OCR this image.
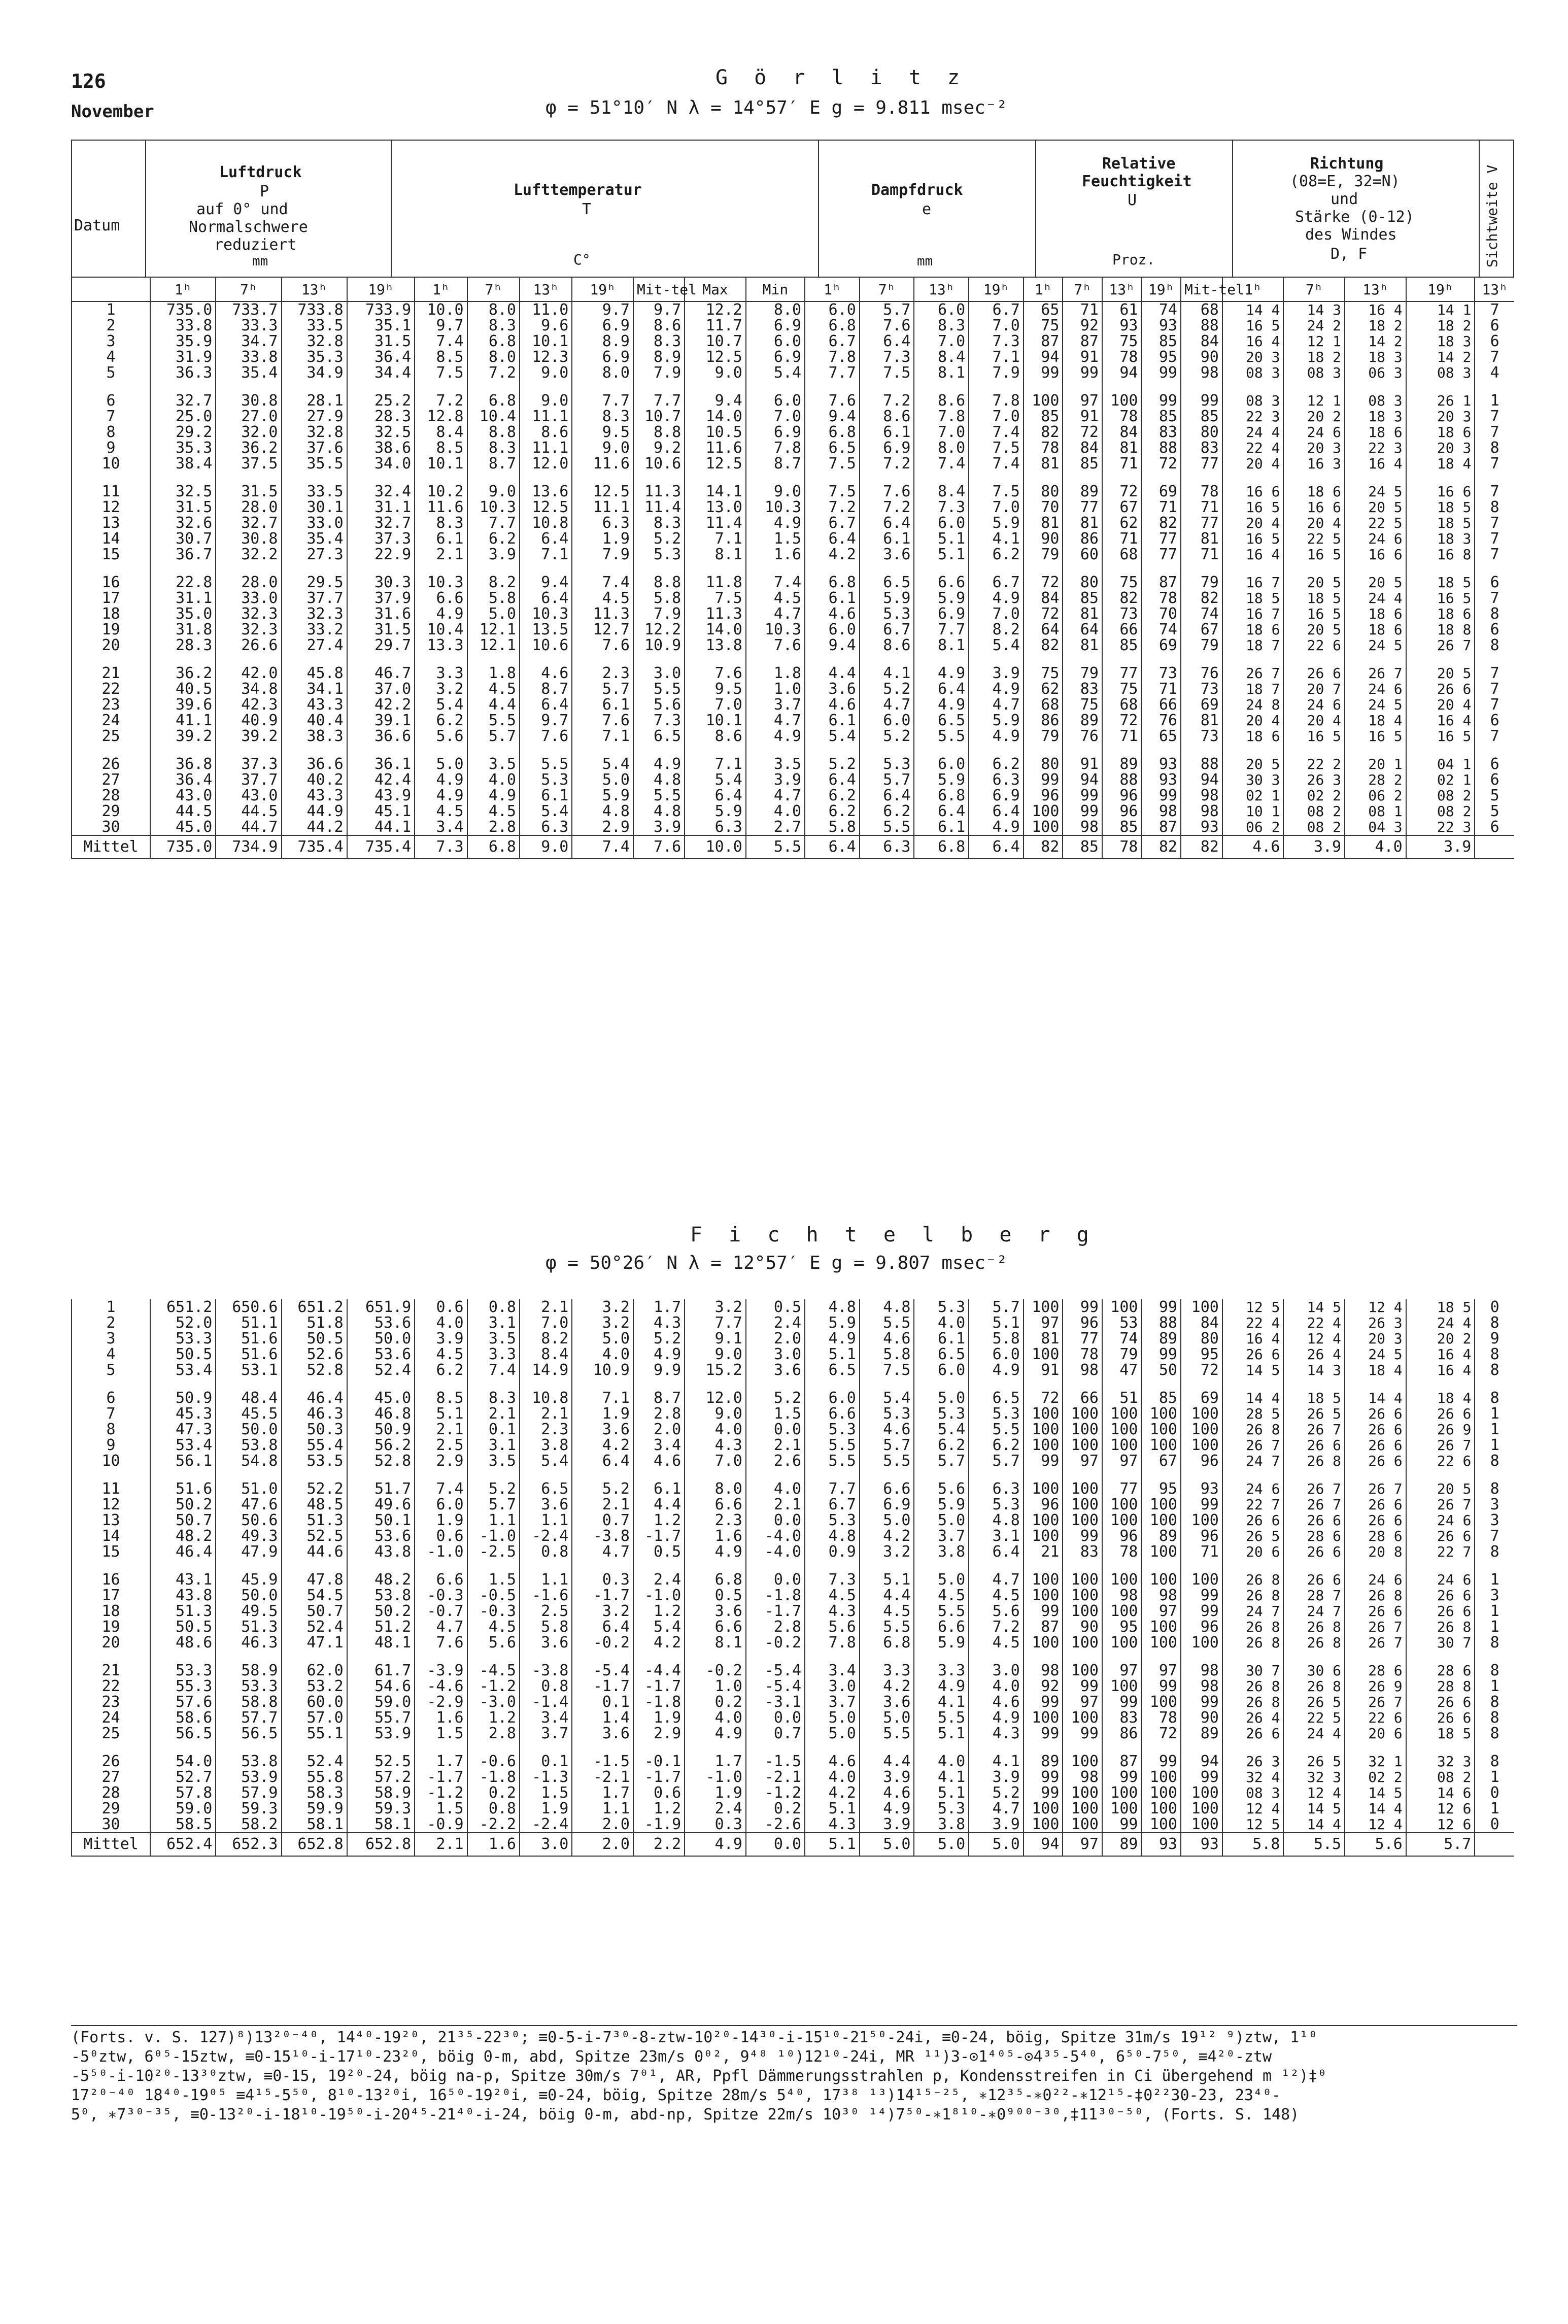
126
November
G ö r l i t z
φ = 51°10′ N λ = 14°57′ E g = 9.811 msec⁻²
Datum
Luftdruck
P
auf 0° und
Normalschwere
reduziert
mm
Lufttemperatur
T
C°
Dampfdruck
e
mm
Relative
Feuchtigkeit
U
Proz.
Richtung
(08=E, 32=N)
und
Stärke (0-12)
des Windes
D, F	Sichtweite V
	1ʰ	7ʰ	13ʰ	19ʰ	1ʰ	7ʰ	13ʰ	19ʰ	Mit-tel	Max	Min	1ʰ	7ʰ	13ʰ	19ʰ	1ʰ	7ʰ	13ʰ	19ʰ	Mit-tel	1ʰ	7ʰ	13ʰ	19ʰ	13ʰ
1	735.0	733.7	733.8	733.9	10.0	8.0	11.0	9.7	9.7	12.2	8.0	6.0	5.7	6.0	6.7	65	71	61	74	68	14 4	14 3	16 4	14 1	7
2	33.8	33.3	33.5	35.1	9.7	8.3	9.6	6.9	8.6	11.7	6.9	6.8	7.6	8.3	7.0	75	92	93	93	88	16 5	24 2	18 2	18 2	6
3	35.9	34.7	32.8	31.5	7.4	6.8	10.1	8.9	8.3	10.7	6.0	6.7	6.4	7.0	7.3	87	87	75	85	84	16 4	12 1	14 2	18 3	6
4	31.9	33.8	35.3	36.4	8.5	8.0	12.3	6.9	8.9	12.5	6.9	7.8	7.3	8.4	7.1	94	91	78	95	90	20 3	18 2	18 3	14 2	7
5	36.3	35.4	34.9	34.4	7.5	7.2	9.0	8.0	7.9	9.0	5.4	7.7	7.5	8.1	7.9	99	99	94	99	98	08 3	08 3	06 3	08 3	4

6	32.7	30.8	28.1	25.2	7.2	6.8	9.0	7.7	7.7	9.4	6.0	7.6	7.2	8.6	7.8	100	97	100	99	99	08 3	12 1	08 3	26 1	1
7	25.0	27.0	27.9	28.3	12.8	10.4	11.1	8.3	10.7	14.0	7.0	9.4	8.6	7.8	7.0	85	91	78	85	85	22 3	20 2	18 3	20 3	7
8	29.2	32.0	32.8	32.5	8.4	8.8	8.6	9.5	8.8	10.5	6.9	6.8	6.1	7.0	7.4	82	72	84	83	80	24 4	24 6	18 6	18 6	7
9	35.3	36.2	37.6	38.6	8.5	8.3	11.1	9.0	9.2	11.6	7.8	6.5	6.9	8.0	7.5	78	84	81	88	83	22 4	20 3	22 3	20 3	8
10	38.4	37.5	35.5	34.0	10.1	8.7	12.0	11.6	10.6	12.5	8.7	7.5	7.2	7.4	7.4	81	85	71	72	77	20 4	16 3	16 4	18 4	7

11	32.5	31.5	33.5	32.4	10.2	9.0	13.6	12.5	11.3	14.1	9.0	7.5	7.6	8.4	7.5	80	89	72	69	78	16 6	18 6	24 5	16 6	7
12	31.5	28.0	30.1	31.1	11.6	10.3	12.5	11.1	11.4	13.0	10.3	7.2	7.2	7.3	7.0	70	77	67	71	71	16 5	16 6	20 5	18 5	8
13	32.6	32.7	33.0	32.7	8.3	7.7	10.8	6.3	8.3	11.4	4.9	6.7	6.4	6.0	5.9	81	81	62	82	77	20 4	20 4	22 5	18 5	7
14	30.7	30.8	35.4	37.3	6.1	6.2	6.4	1.9	5.2	7.1	1.5	6.4	6.1	5.1	4.1	90	86	71	77	81	16 5	22 5	24 6	18 3	7
15	36.7	32.2	27.3	22.9	2.1	3.9	7.1	7.9	5.3	8.1	1.6	4.2	3.6	5.1	6.2	79	60	68	77	71	16 4	16 5	16 6	16 8	7

16	22.8	28.0	29.5	30.3	10.3	8.2	9.4	7.4	8.8	11.8	7.4	6.8	6.5	6.6	6.7	72	80	75	87	79	16 7	20 5	20 5	18 5	6
17	31.1	33.0	37.7	37.9	6.6	5.8	6.4	4.5	5.8	7.5	4.5	6.1	5.9	5.9	4.9	84	85	82	78	82	18 5	18 5	24 4	16 5	7
18	35.0	32.3	32.3	31.6	4.9	5.0	10.3	11.3	7.9	11.3	4.7	4.6	5.3	6.9	7.0	72	81	73	70	74	16 7	16 5	18 6	18 6	8
19	31.8	32.3	33.2	31.5	10.4	12.1	13.5	12.7	12.2	14.0	10.3	6.0	6.7	7.7	8.2	64	64	66	74	67	18 6	20 5	18 6	18 8	6
20	28.3	26.6	27.4	29.7	13.3	12.1	10.6	7.6	10.9	13.8	7.6	9.4	8.6	8.1	5.4	82	81	85	69	79	18 7	22 6	24 5	26 7	8

21	36.2	42.0	45.8	46.7	3.3	1.8	4.6	2.3	3.0	7.6	1.8	4.4	4.1	4.9	3.9	75	79	77	73	76	26 7	26 6	26 7	20 5	7
22	40.5	34.8	34.1	37.0	3.2	4.5	8.7	5.7	5.5	9.5	1.0	3.6	5.2	6.4	4.9	62	83	75	71	73	18 7	20 7	24 6	26 6	7
23	39.6	42.3	43.3	42.2	5.4	4.4	6.4	6.1	5.6	7.0	3.7	4.6	4.7	4.9	4.7	68	75	68	66	69	24 8	24 6	24 5	20 4	7
24	41.1	40.9	40.4	39.1	6.2	5.5	9.7	7.6	7.3	10.1	4.7	6.1	6.0	6.5	5.9	86	89	72	76	81	20 4	20 4	18 4	16 4	6
25	39.2	39.2	38.3	36.6	5.6	5.7	7.6	7.1	6.5	8.6	4.9	5.4	5.2	5.5	4.9	79	76	71	65	73	18 6	16 5	16 5	16 5	7

26	36.8	37.3	36.6	36.1	5.0	3.5	5.5	5.4	4.9	7.1	3.5	5.2	5.3	6.0	6.2	80	91	89	93	88	20 5	22 2	20 1	04 1	6
27	36.4	37.7	40.2	42.4	4.9	4.0	5.3	5.0	4.8	5.4	3.9	6.4	5.7	5.9	6.3	99	94	88	93	94	30 3	26 3	28 2	02 1	6
28	43.0	43.0	43.3	43.9	4.9	4.9	6.1	5.9	5.5	6.4	4.7	6.2	6.4	6.8	6.9	96	99	96	99	98	02 1	02 2	06 2	08 2	5
29	44.5	44.5	44.9	45.1	4.5	4.5	5.4	4.8	4.8	5.9	4.0	6.2	6.2	6.4	6.4	100	99	96	98	98	10 1	08 2	08 1	08 2	5
30	45.0	44.7	44.2	44.1	3.4	2.8	6.3	2.9	3.9	6.3	2.7	5.8	5.5	6.1	4.9	100	98	85	87	93	06 2	08 2	04 3	22 3	6
Mittel	735.0	734.9	735.4	735.4	7.3	6.8	9.0	7.4	7.6	10.0	5.5	6.4	6.3	6.8	6.4	82	85	78	82	82	4.6	3.9	4.0	3.9	
F i c h t e l b e r g
φ = 50°26′ N λ = 12°57′ E g = 9.807 msec⁻²
1	651.2	650.6	651.2	651.9	0.6	0.8	2.1	3.2	1.7	3.2	0.5	4.8	4.8	5.3	5.7	100	99	100	99	100	12 5	14 5	12 4	18 5	0
2	52.0	51.1	51.8	53.6	4.0	3.1	7.0	3.2	4.3	7.7	2.4	5.9	5.5	4.0	5.1	97	96	53	88	84	22 4	22 4	26 3	24 4	8
3	53.3	51.6	50.5	50.0	3.9	3.5	8.2	5.0	5.2	9.1	2.0	4.9	4.6	6.1	5.8	81	77	74	89	80	16 4	12 4	20 3	20 2	9
4	50.5	51.6	52.6	53.6	4.5	3.3	8.4	4.0	4.9	9.0	3.0	5.1	5.8	6.5	6.0	100	78	79	99	95	26 6	26 4	24 5	16 4	8
5	53.4	53.1	52.8	52.4	6.2	7.4	14.9	10.9	9.9	15.2	3.6	6.5	7.5	6.0	4.9	91	98	47	50	72	14 5	14 3	18 4	16 4	8

6	50.9	48.4	46.4	45.0	8.5	8.3	10.8	7.1	8.7	12.0	5.2	6.0	5.4	5.0	6.5	72	66	51	85	69	14 4	18 5	14 4	18 4	8
7	45.3	45.5	46.3	46.8	5.1	2.1	2.1	1.9	2.8	9.0	1.5	6.6	5.3	5.3	5.3	100	100	100	100	100	28 5	26 5	26 6	26 6	1
8	47.3	50.0	50.3	50.9	2.1	0.1	2.3	3.6	2.0	4.0	0.0	5.3	4.6	5.4	5.5	100	100	100	100	100	26 8	26 7	26 6	26 9	1
9	53.4	53.8	55.4	56.2	2.5	3.1	3.8	4.2	3.4	4.3	2.1	5.5	5.7	6.2	6.2	100	100	100	100	100	26 7	26 6	26 6	26 7	1
10	56.1	54.8	53.5	52.8	2.9	3.5	5.4	6.4	4.6	7.0	2.6	5.5	5.5	5.7	5.7	99	97	97	67	96	24 7	26 8	26 6	22 6	8

11	51.6	51.0	52.2	51.7	7.4	5.2	6.5	5.2	6.1	8.0	4.0	7.7	6.6	5.6	6.3	100	100	77	95	93	24 6	26 7	26 7	20 5	8
12	50.2	47.6	48.5	49.6	6.0	5.7	3.6	2.1	4.4	6.6	2.1	6.7	6.9	5.9	5.3	96	100	100	100	99	22 7	26 7	26 6	26 7	3
13	50.7	50.6	51.3	50.1	1.9	1.1	1.1	0.7	1.2	2.3	0.0	5.3	5.0	5.0	4.8	100	100	100	100	100	26 6	26 6	26 6	24 6	3
14	48.2	49.3	52.5	53.6	0.6	-1.0	-2.4	-3.8	-1.7	1.6	-4.0	4.8	4.2	3.7	3.1	100	99	96	89	96	26 5	28 6	28 6	26 6	7
15	46.4	47.9	44.6	43.8	-1.0	-2.5	0.8	4.7	0.5	4.9	-4.0	0.9	3.2	3.8	6.4	21	83	78	100	71	20 6	26 6	20 8	22 7	8

16	43.1	45.9	47.8	48.2	6.6	1.5	1.1	0.3	2.4	6.8	0.0	7.3	5.1	5.0	4.7	100	100	100	100	100	26 8	26 6	24 6	24 6	1
17	43.8	50.0	54.5	53.8	-0.3	-0.5	-1.6	-1.7	-1.0	0.5	-1.8	4.5	4.4	4.5	4.5	100	100	98	98	99	26 8	28 7	26 8	26 6	3
18	51.3	49.5	50.7	50.2	-0.7	-0.3	2.5	3.2	1.2	3.6	-1.7	4.3	4.5	5.5	5.6	99	100	100	97	99	24 7	24 7	26 6	26 6	1
19	50.5	51.3	52.4	51.2	4.7	4.5	5.8	6.4	5.4	6.6	2.8	5.6	5.5	6.6	7.2	87	90	95	100	96	26 8	26 8	26 7	26 8	1
20	48.6	46.3	47.1	48.1	7.6	5.6	3.6	-0.2	4.2	8.1	-0.2	7.8	6.8	5.9	4.5	100	100	100	100	100	26 8	26 8	26 7	30 7	8

21	53.3	58.9	62.0	61.7	-3.9	-4.5	-3.8	-5.4	-4.4	-0.2	-5.4	3.4	3.3	3.3	3.0	98	100	97	97	98	30 7	30 6	28 6	28 6	8
22	55.3	53.3	53.2	54.6	-4.6	-1.2	0.8	-1.7	-1.7	1.0	-5.4	3.0	4.2	4.9	4.0	92	99	100	99	98	26 8	26 8	26 9	28 8	1
23	57.6	58.8	60.0	59.0	-2.9	-3.0	-1.4	0.1	-1.8	0.2	-3.1	3.7	3.6	4.1	4.6	99	97	99	100	99	26 8	26 5	26 7	26 6	8
24	58.6	57.7	57.0	55.7	1.6	1.2	3.4	1.4	1.9	4.0	0.0	5.0	5.0	5.5	4.9	100	100	83	78	90	26 4	22 5	22 6	26 6	8
25	56.5	56.5	55.1	53.9	1.5	2.8	3.7	3.6	2.9	4.9	0.7	5.0	5.5	5.1	4.3	99	99	86	72	89	26 6	24 4	20 6	18 5	8

26	54.0	53.8	52.4	52.5	1.7	-0.6	0.1	-1.5	-0.1	1.7	-1.5	4.6	4.4	4.0	4.1	89	100	87	99	94	26 3	26 5	32 1	32 3	8
27	52.7	53.9	55.8	57.2	-1.7	-1.8	-1.3	-2.1	-1.7	-1.0	-2.1	4.0	3.9	4.1	3.9	99	98	99	100	99	32 4	32 3	02 2	08 2	1
28	57.8	57.9	58.3	58.9	-1.2	0.2	1.5	1.7	0.6	1.9	-1.2	4.2	4.6	5.1	5.2	99	100	100	100	100	08 3	12 4	14 5	14 6	0
29	59.0	59.3	59.9	59.3	1.5	0.8	1.9	1.1	1.2	2.4	0.2	5.1	4.9	5.3	4.7	100	100	100	100	100	12 4	14 5	14 4	12 6	1
30	58.5	58.2	58.1	58.1	-0.9	-2.2	-2.4	2.0	-1.9	0.3	-2.6	4.3	3.9	3.8	3.9	100	100	99	100	100	12 5	14 4	12 4	12 6	0
Mittel	652.4	652.3	652.8	652.8	2.1	1.6	3.0	2.0	2.2	4.9	0.0	5.1	5.0	5.0	5.0	94	97	89	93	93	5.8	5.5	5.6	5.7	
(Forts. v. S. 127)⁸)13²⁰⁻⁴⁰, 14⁴⁰-19²⁰, 21³⁵-22³⁰; ≡0-5-i-7³⁰-8-ztw-10²⁰-14³⁰-i-15¹⁰-21⁵⁰-24i, ≡0-24, böig, Spitze 31m/s 19¹² ⁹)ztw, 1¹⁰
-5⁰ztw, 6⁰⁵-15ztw, ≡0-15¹⁰-i-17¹⁰-23²⁰, böig 0-m, abd, Spitze 23m/s 0⁰², 9⁴⁸ ¹⁰)12¹⁰-24i, MR ¹¹)3-⊙1⁴⁰⁵-⊙4³⁵-5⁴⁰, 6⁵⁰-7⁵⁰, ≡4²⁰-ztw
-5⁵⁰-i-10²⁰-13³⁰ztw, ≡0-15, 19²⁰-24, böig na-p, Spitze 30m/s 7⁰¹, AR, Ppfl Dämmerungsstrahlen p, Kondensstreifen in Ci übergehend m ¹²)‡⁰
17²⁰⁻⁴⁰ 18⁴⁰-19⁰⁵ ≡4¹⁵-5⁵⁰, 8¹⁰-13²⁰i, 16⁵⁰-19²⁰i, ≡0-24, böig, Spitze 28m/s 5⁴⁰, 17³⁸ ¹³)14¹⁵⁻²⁵, ∗12³⁵-∗0²²-∗12¹⁵-‡0²²30-23, 23⁴⁰-
5⁰, ∗7³⁰⁻³⁵, ≡0-13²⁰-i-18¹⁰-19⁵⁰-i-20⁴⁵-21⁴⁰-i-24, böig 0-m, abd-np, Spitze 22m/s 10³⁰ ¹⁴)7⁵⁰-∗1⁸¹⁰-∗0⁹⁰⁰⁻³⁰,‡11³⁰⁻⁵⁰, (Forts. S. 148)
